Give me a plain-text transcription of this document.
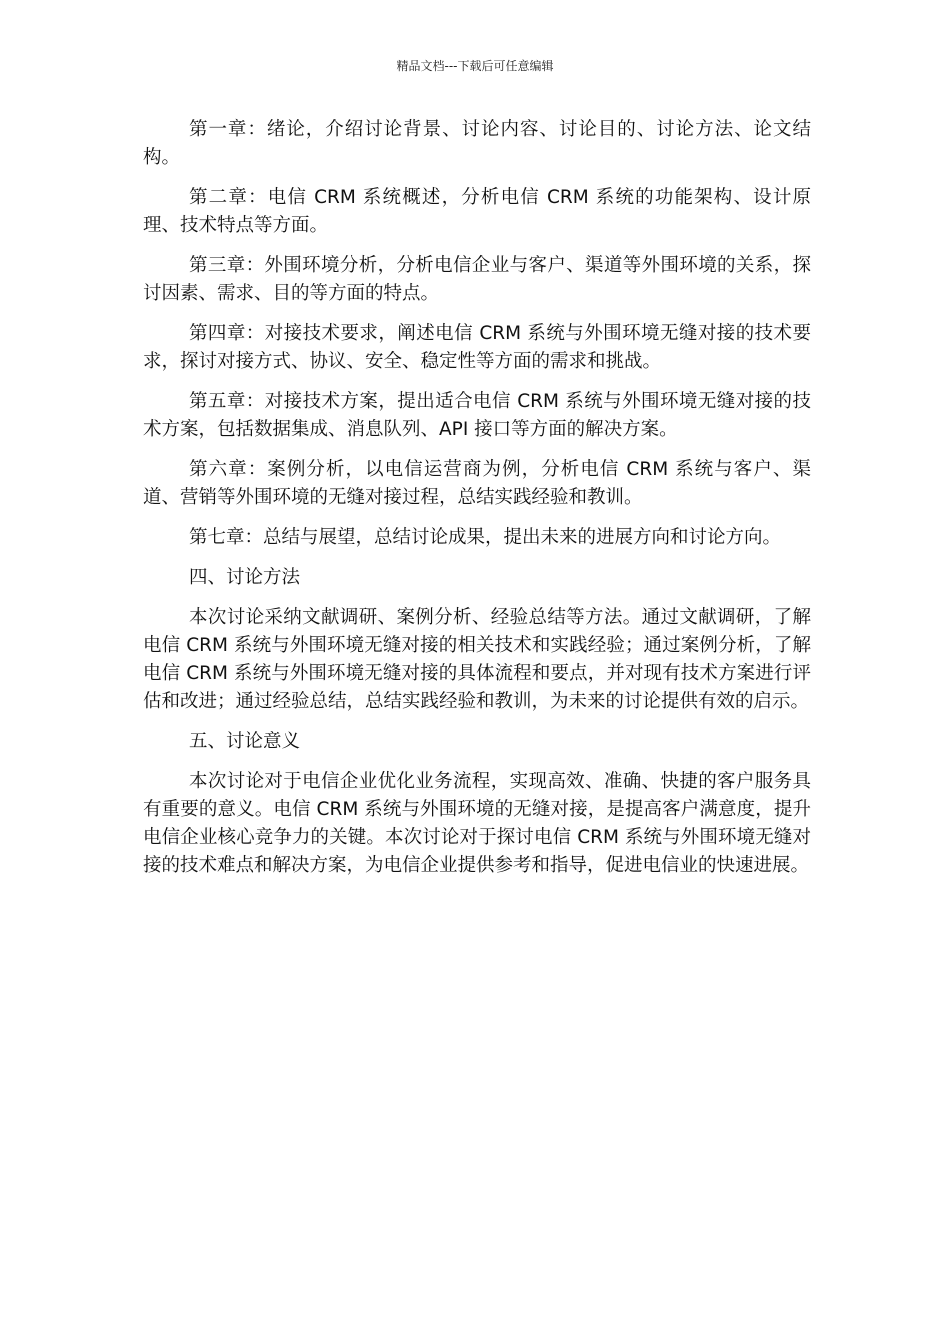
精品文档---下载后可任意编辑

第一章：绪论，介绍讨论背景、讨论内容、讨论目的、讨论方法、论文结构。

第二章：电信 CRM 系统概述，分析电信 CRM 系统的功能架构、设计原理、技术特点等方面。

第三章：外围环境分析，分析电信企业与客户、渠道等外围环境的关系，探讨因素、需求、目的等方面的特点。

第四章：对接技术要求，阐述电信 CRM 系统与外围环境无缝对接的技术要求，探讨对接方式、协议、安全、稳定性等方面的需求和挑战。

第五章：对接技术方案，提出适合电信 CRM 系统与外围环境无缝对接的技术方案，包括数据集成、消息队列、API 接口等方面的解决方案。

第六章：案例分析，以电信运营商为例，分析电信 CRM 系统与客户、渠道、营销等外围环境的无缝对接过程，总结实践经验和教训。

第七章：总结与展望，总结讨论成果，提出未来的进展方向和讨论方向。

四、讨论方法

本次讨论采纳文献调研、案例分析、经验总结等方法。通过文献调研，了解电信 CRM 系统与外围环境无缝对接的相关技术和实践经验；通过案例分析，了解电信 CRM 系统与外围环境无缝对接的具体流程和要点，并对现有技术方案进行评估和改进；通过经验总结，总结实践经验和教训，为未来的讨论提供有效的启示。

五、讨论意义

本次讨论对于电信企业优化业务流程，实现高效、准确、快捷的客户服务具有重要的意义。电信 CRM 系统与外围环境的无缝对接，是提高客户满意度，提升电信企业核心竞争力的关键。本次讨论对于探讨电信 CRM 系统与外围环境无缝对接的技术难点和解决方案，为电信企业提供参考和指导，促进电信业的快速进展。
